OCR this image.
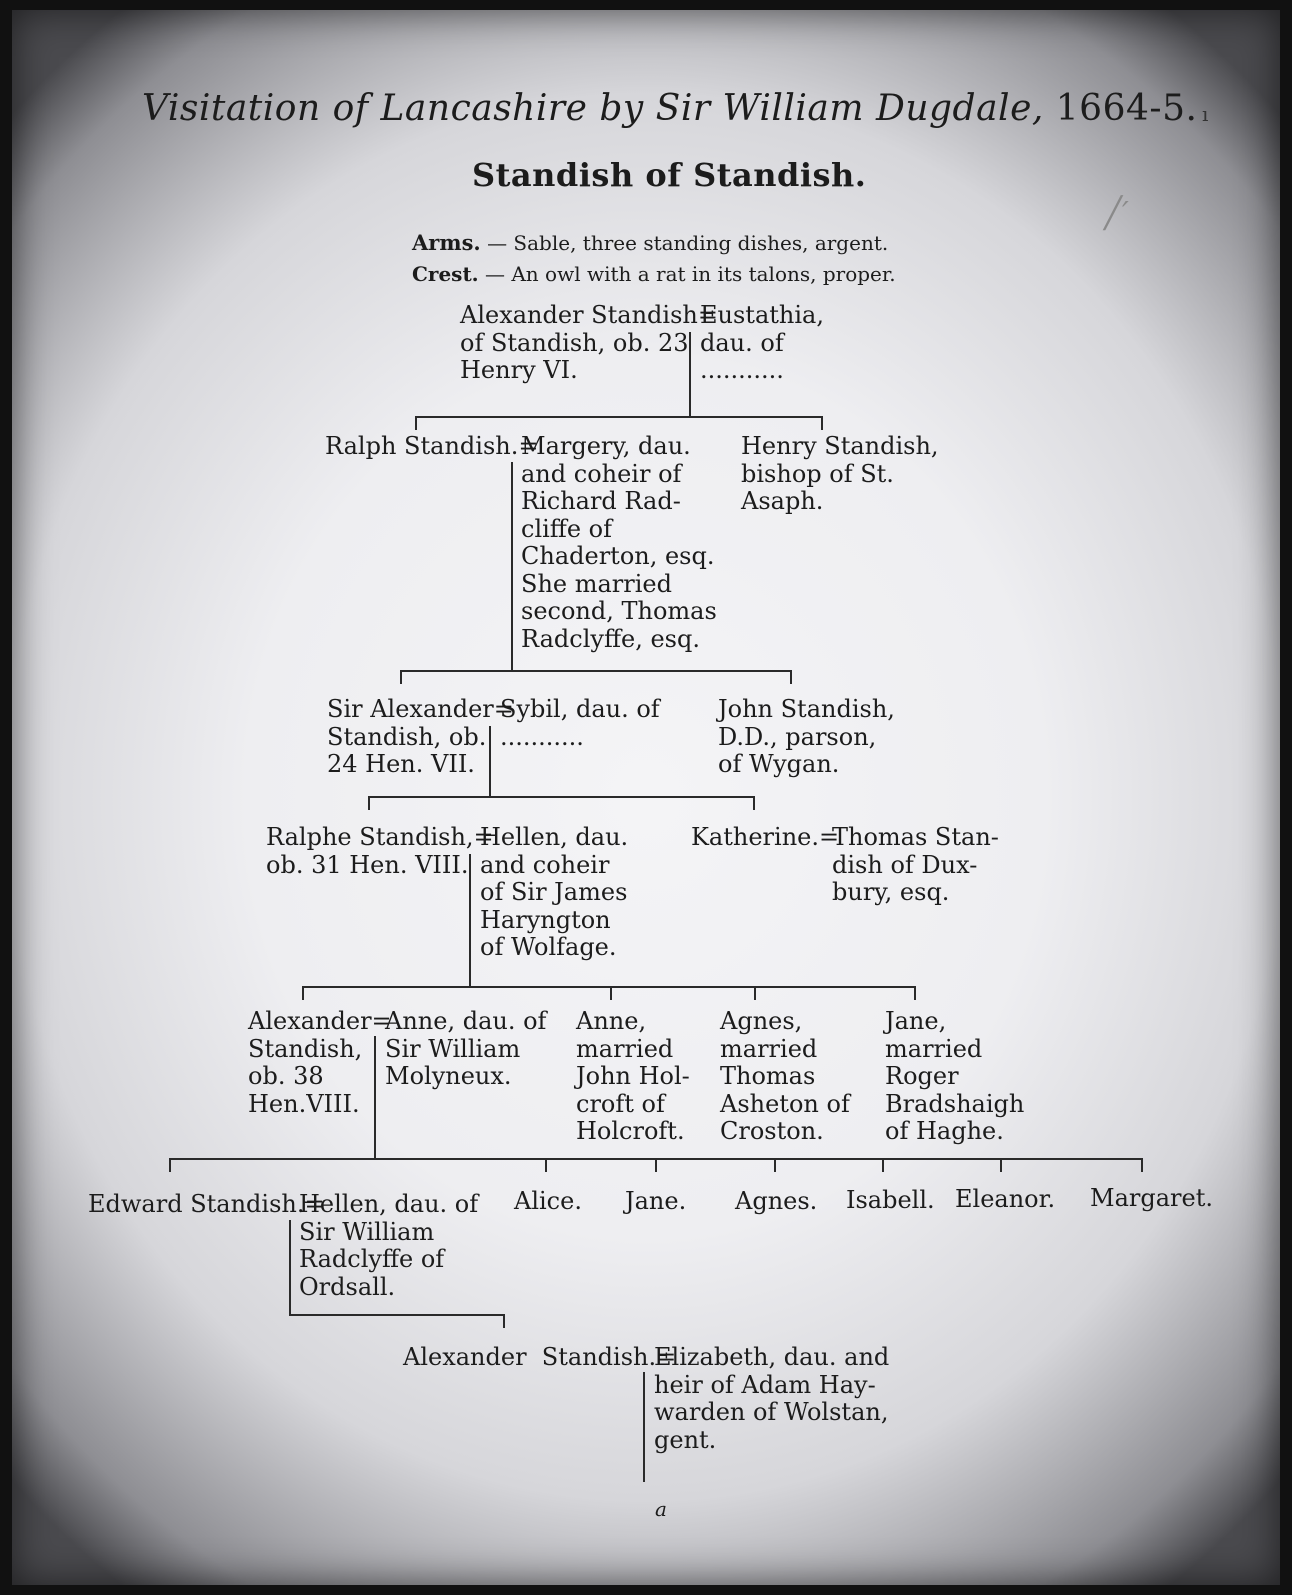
Visitation of Lancashire by Sir William Dugdale, 1664-5. ı
╱′
Standish of Standish.
Arms. — Sable, three standing dishes, argent.
Crest. — An owl with a rat in its talons, proper.
Alexander Standish=
of Standish, ob. 23
Henry VI.
Eustathia,
dau. of
...........
Ralph Standish.=
Margery, dau.
and coheir of
Richard Rad-
cliffe of
Chaderton, esq.
She married
second, Thomas
Radclyffe, esq.
Henry Standish,
bishop of St.
Asaph.
Sir Alexander=
Standish, ob.
24 Hen. VII.
Sybil, dau. of
...........
John Standish,
D.D., parson,
of Wygan.
Ralphe Standish,=
ob. 31 Hen. VIII.
Hellen, dau.
and coheir
of Sir James
Haryngton
of Wolfage.
Katherine.=
Thomas Stan-
dish of Dux-
bury, esq.
Alexander=
Standish,
ob. 38
Hen.VIII.
Anne, dau. of
Sir William
Molyneux.
Anne,
married
John Hol-
croft of
Holcroft.
Agnes,
married
Thomas
Asheton of
Croston.
Jane,
married
Roger
Bradshaigh
of Haghe.
Edward Standish.=
Hellen, dau. of
Sir William
Radclyffe of
Ordsall.
Alice. Jane. Agnes. Isabell. Eleanor. Margaret.
Alexander  Standish.=
Elizabeth, dau. and
heir of Adam Hay-
warden of Wolstan,
gent.
a
